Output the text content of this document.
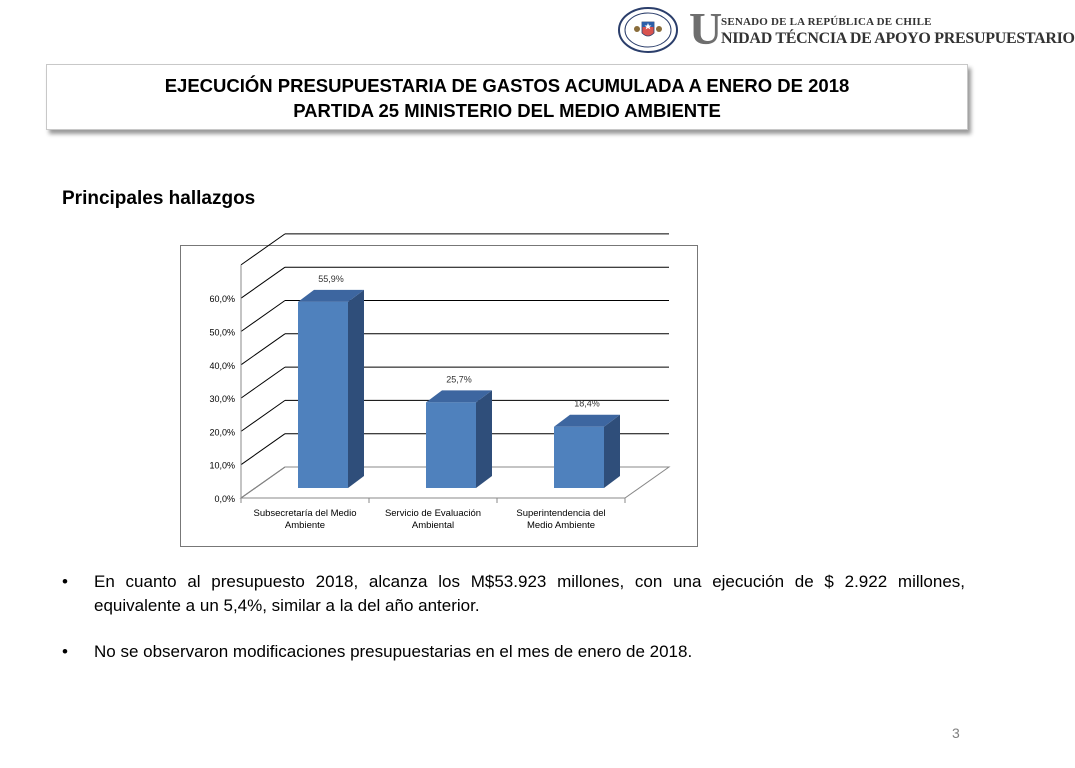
U
SENADO DE LA REPÚBLICA DE CHILE
NIDAD TÉCNCIA DE APOYO PRESUPUESTARIO
EJECUCIÓN PRESUPUESTARIA DE GASTOS ACUMULADA A ENERO DE 2018
PARTIDA 25 MINISTERIO DEL MEDIO AMBIENTE
Principales hallazgos
0,0%
10,0%
20,0%
30,0%
40,0%
50,0%
60,0%
55,9%
Subsecretaría del Medio
Ambiente
25,7%
Servicio de Evaluación
Ambiental
18,4%
Superintendencia del
Medio Ambiente
• En cuanto al presupuesto 2018, alcanza los M$53.923 millones, con una ejecución de $ 2.922 millones, equivalente a un 5,4%, similar a la del año anterior.
• No se observaron modificaciones presupuestarias en el mes de enero de 2018.
3
